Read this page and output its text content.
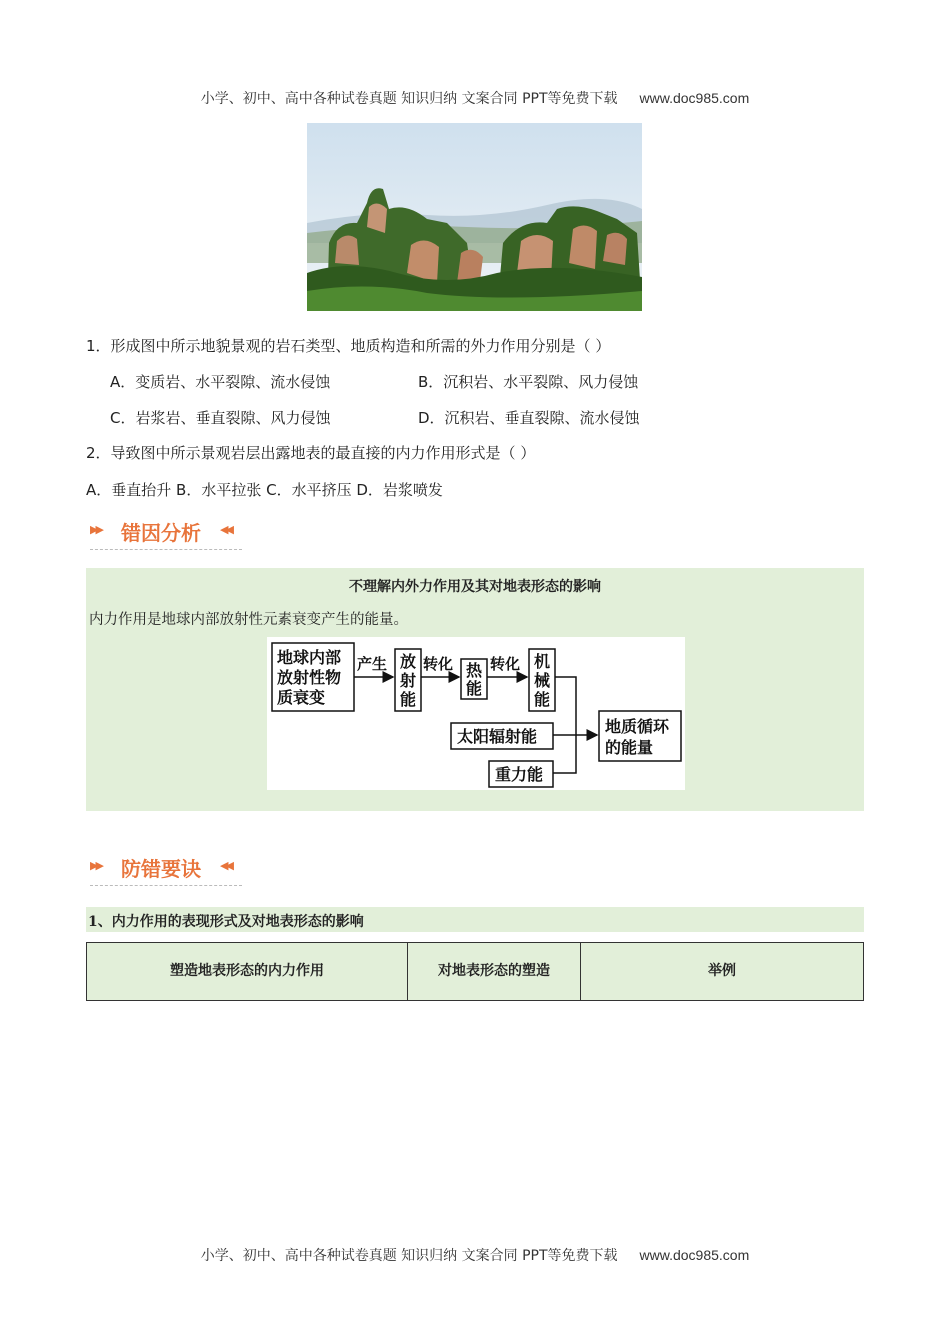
小学、初中、高中各种试卷真题 知识归纳 文案合同 PPT等免费下载 www.doc985.com
1．形成图中所示地貌景观的岩石类型、地质构造和所需的外力作用分别是（ ）
A．变质岩、水平裂隙、流水侵蚀	B．沉积岩、水平裂隙、风力侵蚀
C．岩浆岩、垂直裂隙、风力侵蚀	D．沉积岩、垂直裂隙、流水侵蚀
2．导致图中所示景观岩层出露地表的最直接的内力作用形式是（ ）
A．垂直抬升 B．水平拉张 C．水平挤压 D．岩浆喷发
▶▶ 错因分析 ◀◀
不理解内外力作用及其对地表形态的影响
内力作用是地球内部放射性元素衰变产生的能量。
地球内部
放射性物
质衰变
产生 放
射
能
转化 热
能
转化 机
械
能
太阳辐射能
重力能
地质循环
的能量
▶▶ 防错要诀 ◀◀
1、内力作用的表现形式及对地表形态的影响
塑造地表形态的内力作用	对地表形态的塑造	举例
小学、初中、高中各种试卷真题 知识归纳 文案合同 PPT等免费下载 www.doc985.com
